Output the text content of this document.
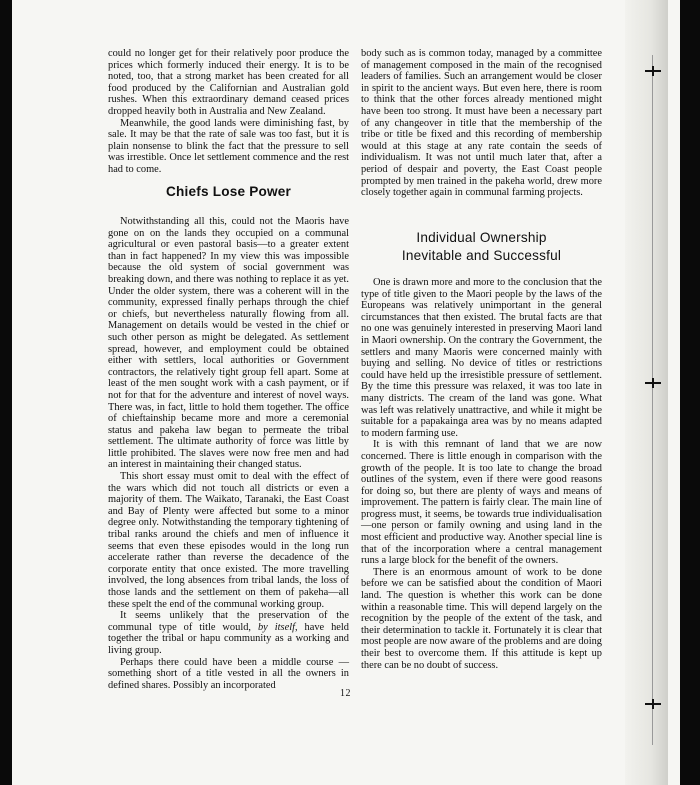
could no longer get for their relatively poor produce the prices which formerly induced their energy. It is to be noted, too, that a strong market has been created for all food produced by the Californian and Australian gold rushes. When this extraordinary demand ceased prices dropped heavily both in Australia and New Zealand.

Meanwhile, the good lands were diminishing fast, by sale. It may be that the rate of sale was too fast, but it is plain nonsense to blink the fact that the pressure to sell was irrestible. Once let settlement commence and the rest had to come.

Chiefs Lose Power

Notwithstanding all this, could not the Maoris have gone on on the lands they occupied on a communal agricultural or even pastoral basis—to a greater extent than in fact happened? In my view this was impossible because the old system of social government was breaking down, and there was nothing to replace it as yet. Under the older system, there was a coherent will in the community, expressed finally perhaps through the chief or chiefs, but nevertheless naturally flowing from all. Management on details would be vested in the chief or such other person as might be delegated. As settlement spread, however, and employment could be obtained either with settlers, local authorities or Government contractors, the relatively tight group fell apart. Some at least of the men sought work with a cash payment, or if not for that for the adventure and interest of novel ways. There was, in fact, little to hold them together. The office of chieftainship became more and more a ceremonial status and pakeha law began to permeate the tribal settlement. The ultimate authority of force was little by little prohibited. The slaves were now free men and had an interest in maintaining their changed status.

This short essay must omit to deal with the effect of the wars which did not touch all districts or even a majority of them. The Waikato, Taranaki, the East Coast and Bay of Plenty were affected but some to a minor degree only. Notwithstanding the temporary tightening of tribal ranks around the chiefs and men of influence it seems that even these episodes would in the long run accelerate rather than reverse the decadence of the corporate entity that once existed. The more travelling involved, the long absences from tribal lands, the loss of those lands and the settlement on them of pakeha—all these spelt the end of the communal working group.

It seems unlikely that the preservation of the communal type of title would, by itself, have held together the tribal or hapu community as a working and living group.

Perhaps there could have been a middle course —something short of a title vested in all the owners in defined shares. Possibly an incorporated

body such as is common today, managed by a committee of management composed in the main of the recognised leaders of families. Such an arrangement would be closer in spirit to the ancient ways. But even here, there is room to think that the other forces already mentioned might have been too strong. It must have been a necessary part of any changeover in title that the membership of the tribe or title be fixed and this recording of membership would at this stage at any rate contain the seeds of individualism. It was not until much later that, after a period of despair and poverty, the East Coast people prompted by men trained in the pakeha world, drew more closely together again in communal farming projects.

Individual Ownership
Inevitable and Successful

One is drawn more and more to the conclusion that the type of title given to the Maori people by the laws of the Europeans was relatively unimportant in the general circumstances that then existed. The brutal facts are that no one was genuinely interested in preserving Maori land in Maori ownership. On the contrary the Government, the settlers and many Maoris were concerned mainly with buying and selling. No device of titles or restrictions could have held up the irresistible pressure of settlement. By the time this pressure was relaxed, it was too late in many districts. The cream of the land was gone. What was left was relatively unattractive, and while it might be suitable for a papakainga area was by no means adapted to modern farming use.

It is with this remnant of land that we are now concerned. There is little enough in comparison with the growth of the people. It is too late to change the broad outlines of the system, even if there were good reasons for doing so, but there are plenty of ways and means of improvement. The pattern is fairly clear. The main line of progress must, it seems, be towards true individualisation—one person or family owning and using land in the most efficient and productive way. Another special line is that of the incorporation where a central management runs a large block for the benefit of the owners.

There is an enormous amount of work to be done before we can be satisfied about the condition of Maori land. The question is whether this work can be done within a reasonable time. This will depend largely on the recognition by the people of the extent of the task, and their determination to tackle it. Fortunately it is clear that most people are now aware of the problems and are doing their best to overcome them. If this attitude is kept up there can be no doubt of success.

12
